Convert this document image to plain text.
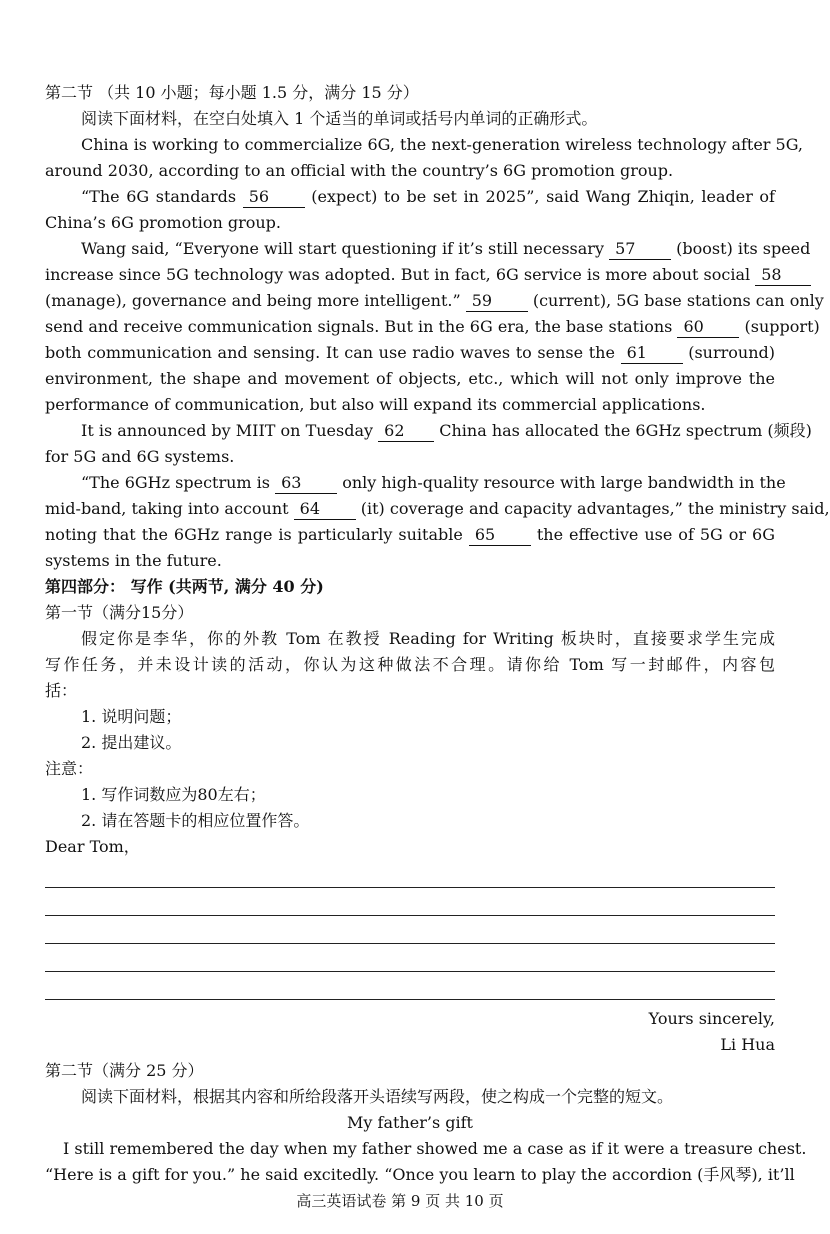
第二节 （共 10 小题；每小题 1.5 分，满分 15 分）
阅读下面材料，在空白处填入 1 个适当的单词或括号内单词的正确形式。
China is working to commercialize 6G, the next-generation wireless technology after 5G,
around 2030, according to an official with the country’s 6G promotion group.
“The 6G standards 56	(expect) to be set in 2025”, said Wang Zhiqin, leader of
China’s 6G promotion group.
Wang said, “Everyone will start questioning if it’s still necessary 57	(boost) its speed
increase since 5G technology was adopted. But in fact, 6G service is more about social 58
(manage), governance and being more intelligent.” 59	(current), 5G base stations can only
send and receive communication signals. But in the 6G era, the base stations 60	(support)
both communication and sensing. It can use radio waves to sense the 61	(surround)
environment, the shape and movement of objects, etc., which will not only improve the
performance of communication, but also will expand its commercial applications.
It is announced by MIIT on Tuesday 62 China has allocated the 6GHz spectrum (频段)
for 5G and 6G systems.
“The 6GHz spectrum is 63	only high-quality resource with large bandwidth in the
mid-band, taking into account 64	(it) coverage and capacity advantages,” the ministry said,
noting that the 6GHz range is particularly suitable 65	the effective use of 5G or 6G
systems in the future.
第四部分： 写作 (共两节, 满分 40 分)
第一节（满分15分）
假定你是李华，你的外教 Tom 在教授 Reading for Writing 板块时，直接要求学生完成
写作任务，并未设计读的活动，你认为这种做法不合理。请你给 Tom 写一封邮件，内容包
括：
1. 说明问题；
2. 提出建议。
注意：
1. 写作词数应为80左右；
2. 请在答题卡的相应位置作答。
Dear Tom，
Yours sincerely,
Li Hua
第二节（满分 25 分）
阅读下面材料，根据其内容和所给段落开头语续写两段，使之构成一个完整的短文。
My father’s gift
I still remembered the day when my father showed me a case as if it were a treasure chest.
“Here is a gift for you.” he said excitedly. “Once you learn to play the accordion (手风琴), it’ll
高三英语试卷 第 9 页 共 10 页
